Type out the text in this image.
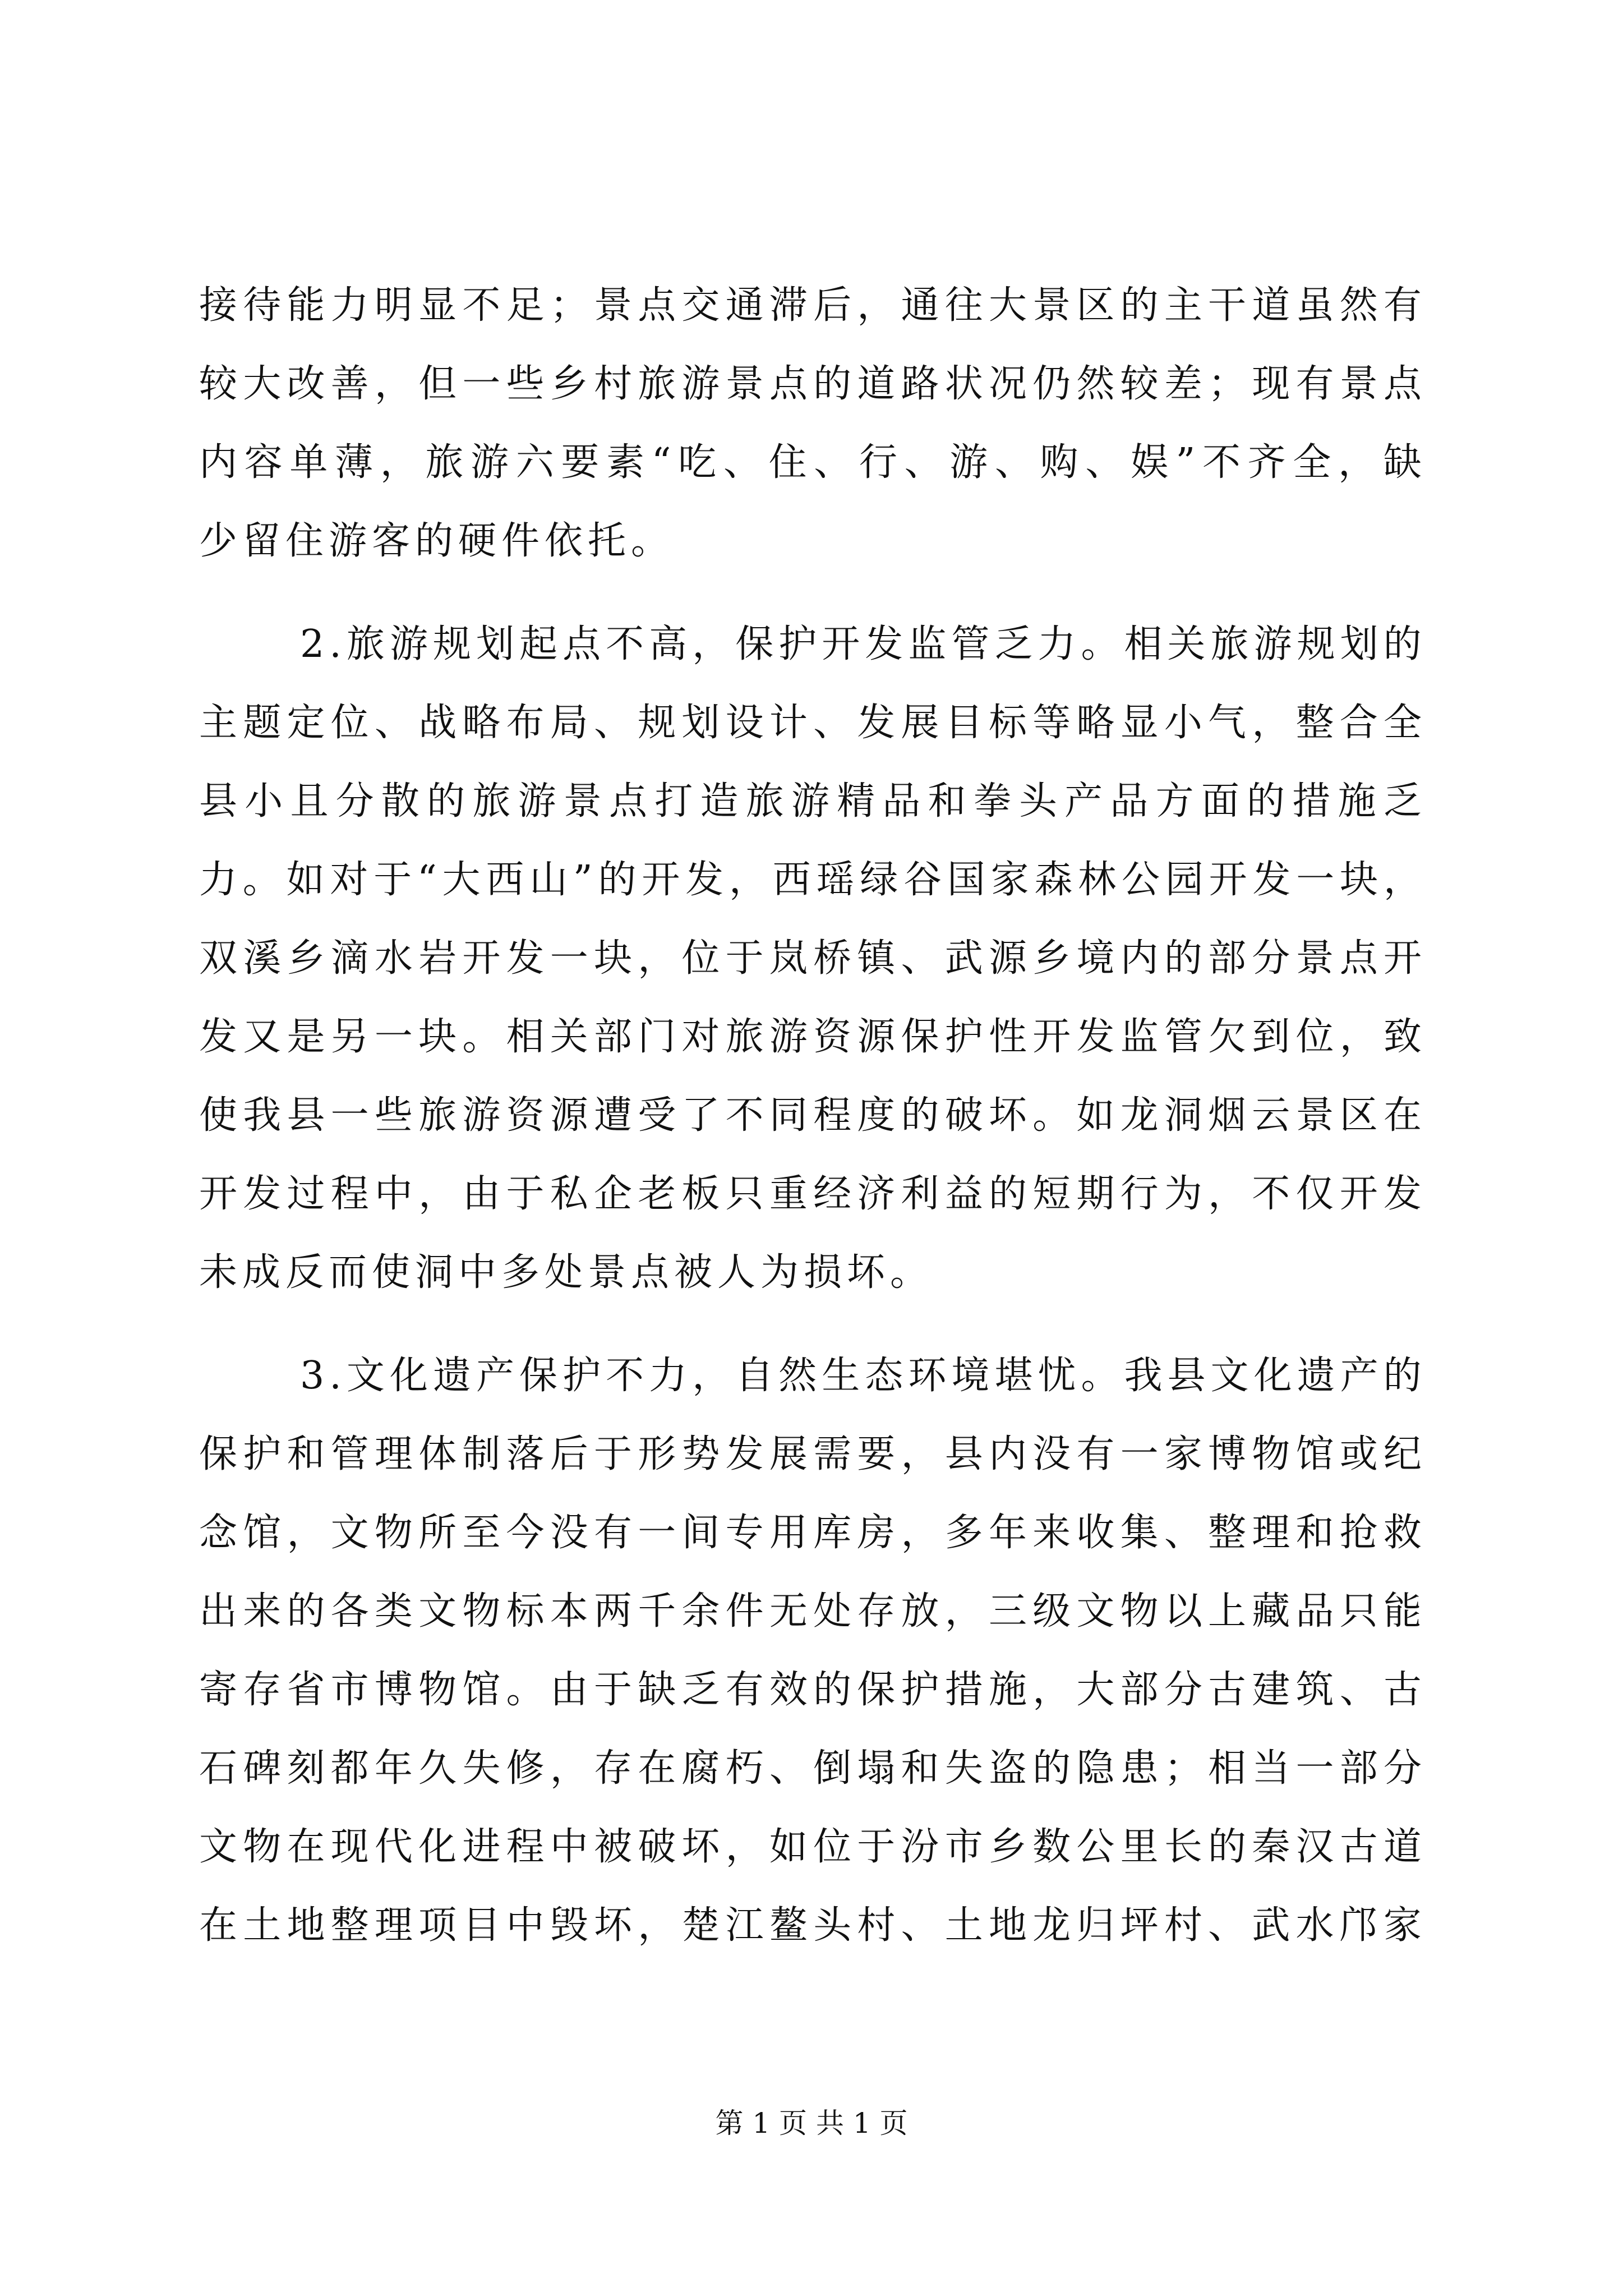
接 待 能 力 明 显 不 足 ； 景 点 交 通 滞 后 ， 通 往 大 景 区 的 主 干 道 虽 然 有
较 大 改 善 ， 但 一 些 乡 村 旅 游 景 点 的 道 路 状 况 仍 然 较 差 ； 现 有 景 点
内 容 单 薄 ， 旅 游 六 要 素 “ 吃 、 住 、 行 、 游 、 购 、 娱 ” 不 齐 全 ， 缺
少留住游客的硬件依托。
2 . 旅 游 规 划 起 点 不 高 ， 保 护 开 发 监 管 乏 力 。 相 关 旅 游 规 划 的
主 题 定 位 、 战 略 布 局 、 规 划 设 计 、 发 展 目 标 等 略 显 小 气 ， 整 合 全
县 小 且 分 散 的 旅 游 景 点 打 造 旅 游 精 品 和 拳 头 产 品 方 面 的 措 施 乏
力 。 如 对 于 “ 大 西 山 ” 的 开 发 ， 西 瑶 绿 谷 国 家 森 林 公 园 开 发 一 块 ，
双 溪 乡 滴 水 岩 开 发 一 块 ， 位 于 岚 桥 镇 、 武 源 乡 境 内 的 部 分 景 点 开
发 又 是 另 一 块 。 相 关 部 门 对 旅 游 资 源 保 护 性 开 发 监 管 欠 到 位 ， 致
使 我 县 一 些 旅 游 资 源 遭 受 了 不 同 程 度 的 破 坏 。 如 龙 洞 烟 云 景 区 在
开 发 过 程 中 ， 由 于 私 企 老 板 只 重 经 济 利 益 的 短 期 行 为 ， 不 仅 开 发
未成反而使洞中多处景点被人为损坏。
3 . 文 化 遗 产 保 护 不 力 ， 自 然 生 态 环 境 堪 忧 。 我 县 文 化 遗 产 的
保 护 和 管 理 体 制 落 后 于 形 势 发 展 需 要 ， 县 内 没 有 一 家 博 物 馆 或 纪
念 馆 ， 文 物 所 至 今 没 有 一 间 专 用 库 房 ， 多 年 来 收 集 、 整 理 和 抢 救
出 来 的 各 类 文 物 标 本 两 千 余 件 无 处 存 放 ， 三 级 文 物 以 上 藏 品 只 能
寄 存 省 市 博 物 馆 。 由 于 缺 乏 有 效 的 保 护 措 施 ， 大 部 分 古 建 筑 、 古
石 碑 刻 都 年 久 失 修 ， 存 在 腐 朽 、 倒 塌 和 失 盗 的 隐 患 ； 相 当 一 部 分
文 物 在 现 代 化 进 程 中 被 破 坏 ， 如 位 于 汾 市 乡 数 公 里 长 的 秦 汉 古 道
在 土 地 整 理 项 目 中 毁 坏 ， 楚 江 鳌 头 村 、 土 地 龙 归 坪 村 、 武 水 邝 家
第 1 页 共 1 页
